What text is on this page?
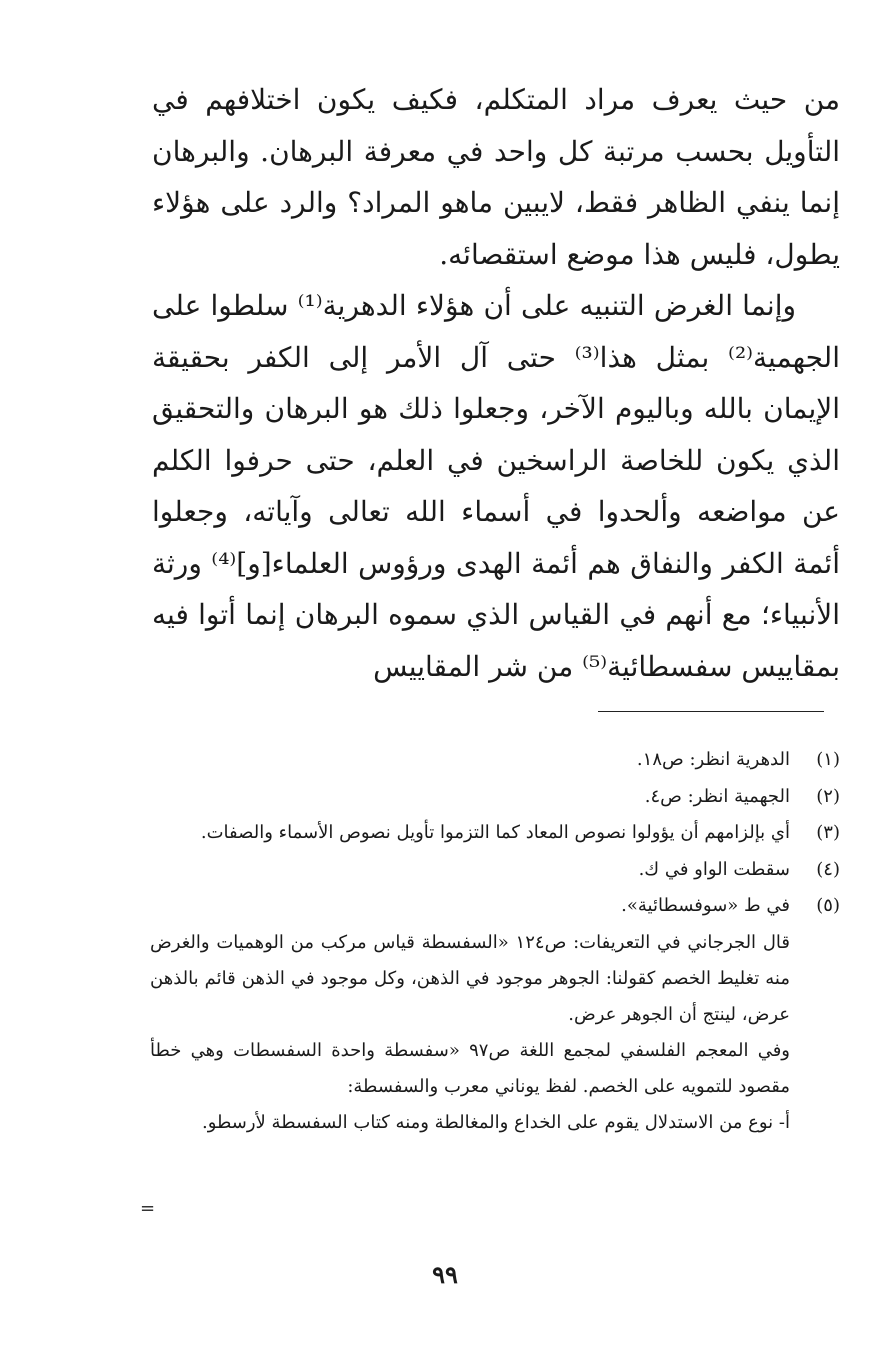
من حيث يعرف مراد المتكلم، فكيف يكون اختلافهم في التأويل بحسب مرتبة كل واحد في معرفة البرهان. والبرهان إنما ينفي الظاهر فقط، لايبين ماهو المراد؟ والرد على هؤلاء يطول، فليس هذا موضع استقصائه.

وإنما الغرض التنبيه على أن هؤلاء الدهرية⁽¹⁾ سلطوا على الجهمية⁽²⁾ بمثل هذا⁽³⁾ حتى آل الأمر إلى الكفر بحقيقة الإيمان بالله وباليوم الآخر، وجعلوا ذلك هو البرهان والتحقيق الذي يكون للخاصة الراسخين في العلم، حتى حرفوا الكلم عن مواضعه وألحدوا في أسماء الله تعالى وآياته، وجعلوا أئمة الكفر والنفاق هم أئمة الهدى ورؤوس العلماء[و]⁽⁴⁾ ورثة الأنبياء؛ مع أنهم في القياس الذي سموه البرهان إنما أتوا فيه بمقاييس سفسطائية⁽⁵⁾ من شر المقاييس

(١)
الدهرية انظر: ص١٨.
(٢)
الجهمية انظر: ص٤.
(٣)
أي بإلزامهم أن يؤولوا نصوص المعاد كما التزموا تأويل نصوص الأسماء والصفات.
(٤)
سقطت الواو في ك.
(٥)
في ط «سوفسطائية».

قال الجرجاني في التعريفات: ص١٢٤ «السفسطة قياس مركب من الوهميات والغرض منه تغليط الخصم كقولنا: الجوهر موجود في الذهن، وكل موجود في الذهن قائم بالذهن عرض، لينتج أن الجوهر عرض.

وفي المعجم الفلسفي لمجمع اللغة ص٩٧ «سفسطة واحدة السفسطات وهي خطأ مقصود للتمويه على الخصم. لفظ يوناني معرب والسفسطة:

أ- نوع من الاستدلال يقوم على الخداع والمغالطة ومنه كتاب السفسطة لأرسطو.

=
٩٩
